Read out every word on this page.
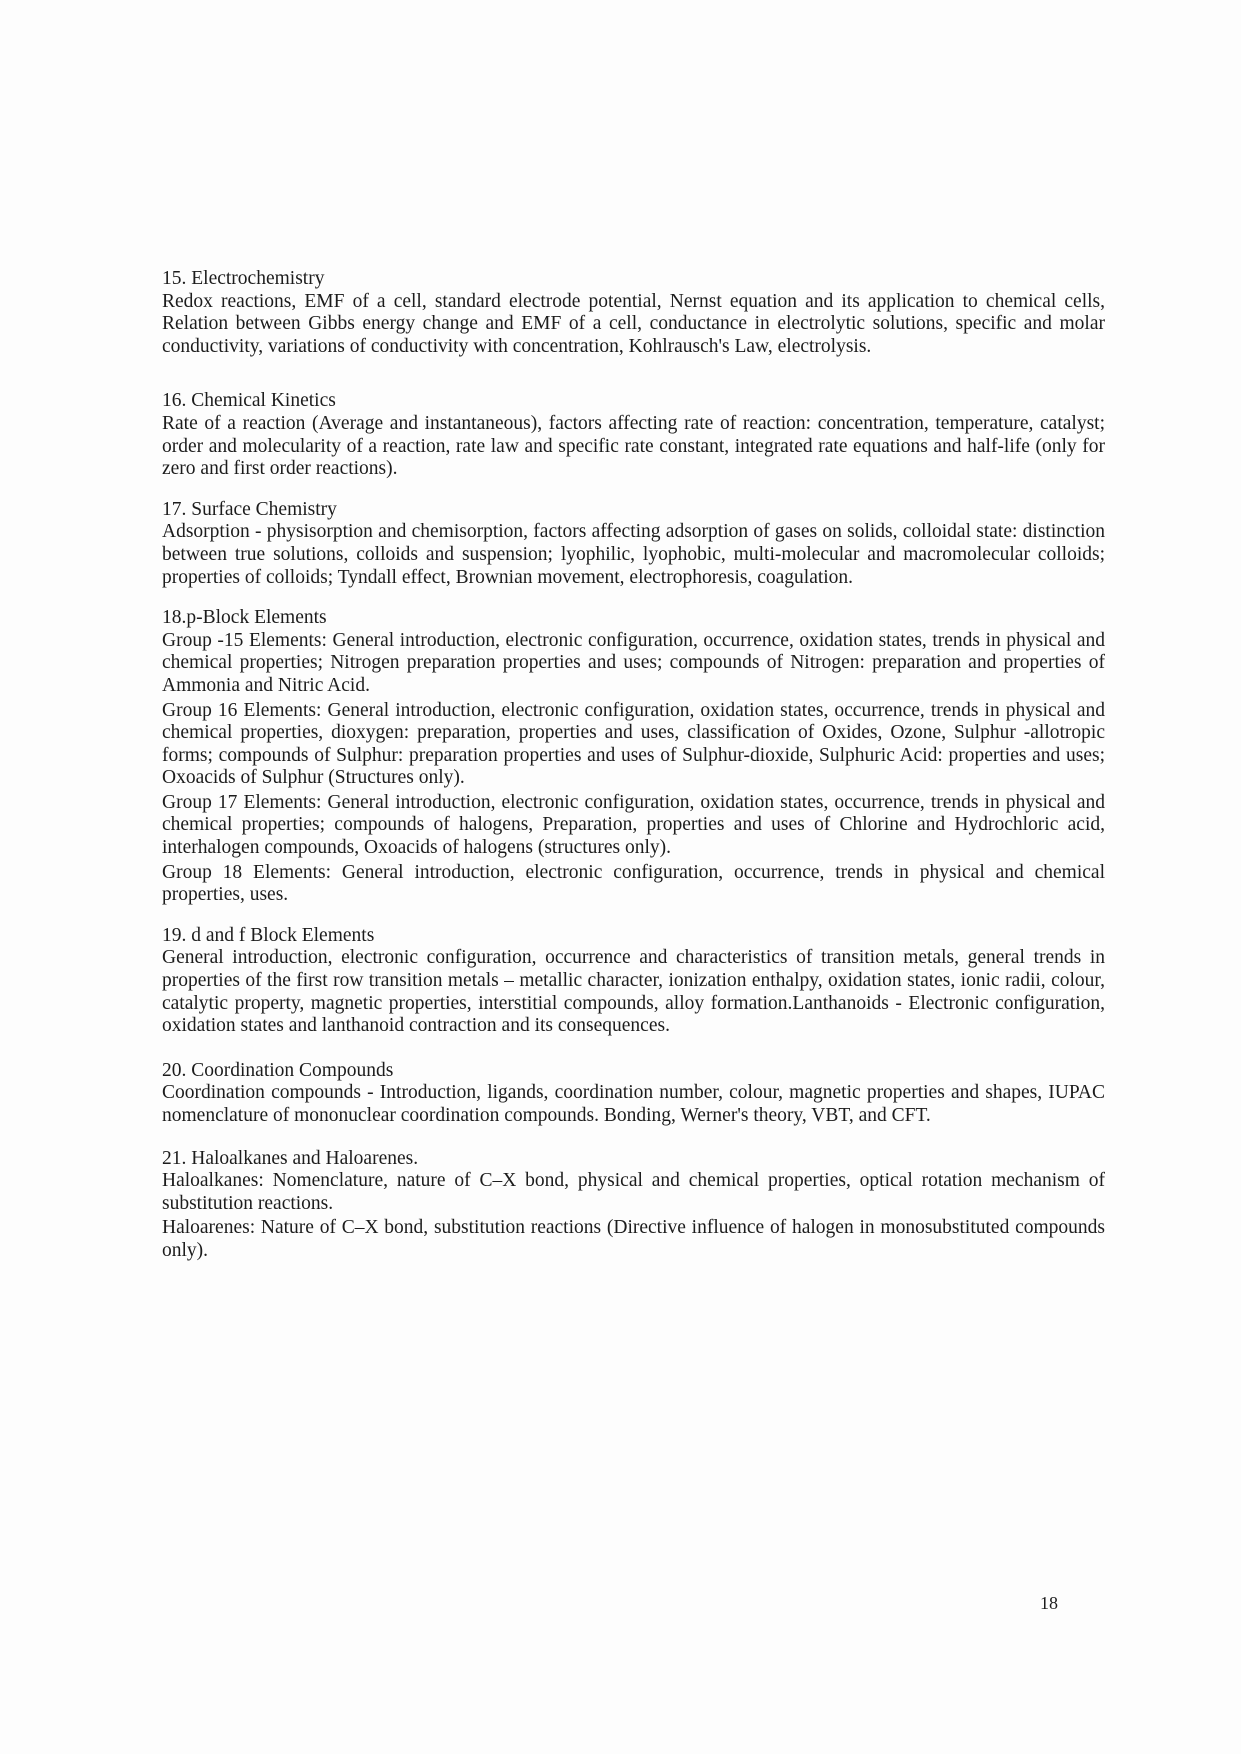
15. Electrochemistry

Redox reactions, EMF of a cell, standard electrode potential, Nernst equation and its application to chemical cells, Relation between Gibbs energy change and EMF of a cell, conductance in electrolytic solutions, specific and molar conductivity, variations of conductivity with concentration, Kohlrausch's Law, electrolysis.

16. Chemical Kinetics

Rate of a reaction (Average and instantaneous), factors affecting rate of reaction: concentration, temperature, catalyst; order and molecularity of a reaction, rate law and specific rate constant, integrated rate equations and half-life (only for zero and first order reactions).

17. Surface Chemistry

Adsorption - physisorption and chemisorption, factors affecting adsorption of gases on solids, colloidal state: distinction between true solutions, colloids and suspension; lyophilic, lyophobic, multi-molecular and macromolecular colloids; properties of colloids; Tyndall effect, Brownian movement, electrophoresis, coagulation.

18.p-Block Elements

Group -15 Elements: General introduction, electronic configuration, occurrence, oxidation states, trends in physical and chemical properties; Nitrogen preparation properties and uses; compounds of Nitrogen: preparation and properties of Ammonia and Nitric Acid.

Group 16 Elements: General introduction, electronic configuration, oxidation states, occurrence, trends in physical and chemical properties, dioxygen: preparation, properties and uses, classification of Oxides, Ozone, Sulphur -allotropic forms; compounds of Sulphur: preparation properties and uses of Sulphur-dioxide, Sulphuric Acid: properties and uses; Oxoacids of Sulphur (Structures only).

Group 17 Elements: General introduction, electronic configuration, oxidation states, occurrence, trends in physical and chemical properties; compounds of halogens, Preparation, properties and uses of Chlorine and Hydrochloric acid, interhalogen compounds, Oxoacids of halogens (structures only).

Group 18 Elements: General introduction, electronic configuration, occurrence, trends in physical and chemical properties, uses.

19. d and f Block Elements

General introduction, electronic configuration, occurrence and characteristics of transition metals, general trends in properties of the first row transition metals – metallic character, ionization enthalpy, oxidation states, ionic radii, colour, catalytic property, magnetic properties, interstitial compounds, alloy formation.Lanthanoids - Electronic configuration, oxidation states and lanthanoid contraction and its consequences.

20. Coordination Compounds

Coordination compounds - Introduction, ligands, coordination number, colour, magnetic properties and shapes, IUPAC nomenclature of mononuclear coordination compounds. Bonding, Werner's theory, VBT, and CFT.

21. Haloalkanes and Haloarenes.

Haloalkanes: Nomenclature, nature of C–X bond, physical and chemical properties, optical rotation mechanism of substitution reactions.

Haloarenes: Nature of C–X bond, substitution reactions (Directive influence of halogen in monosubstituted compounds only).

18
